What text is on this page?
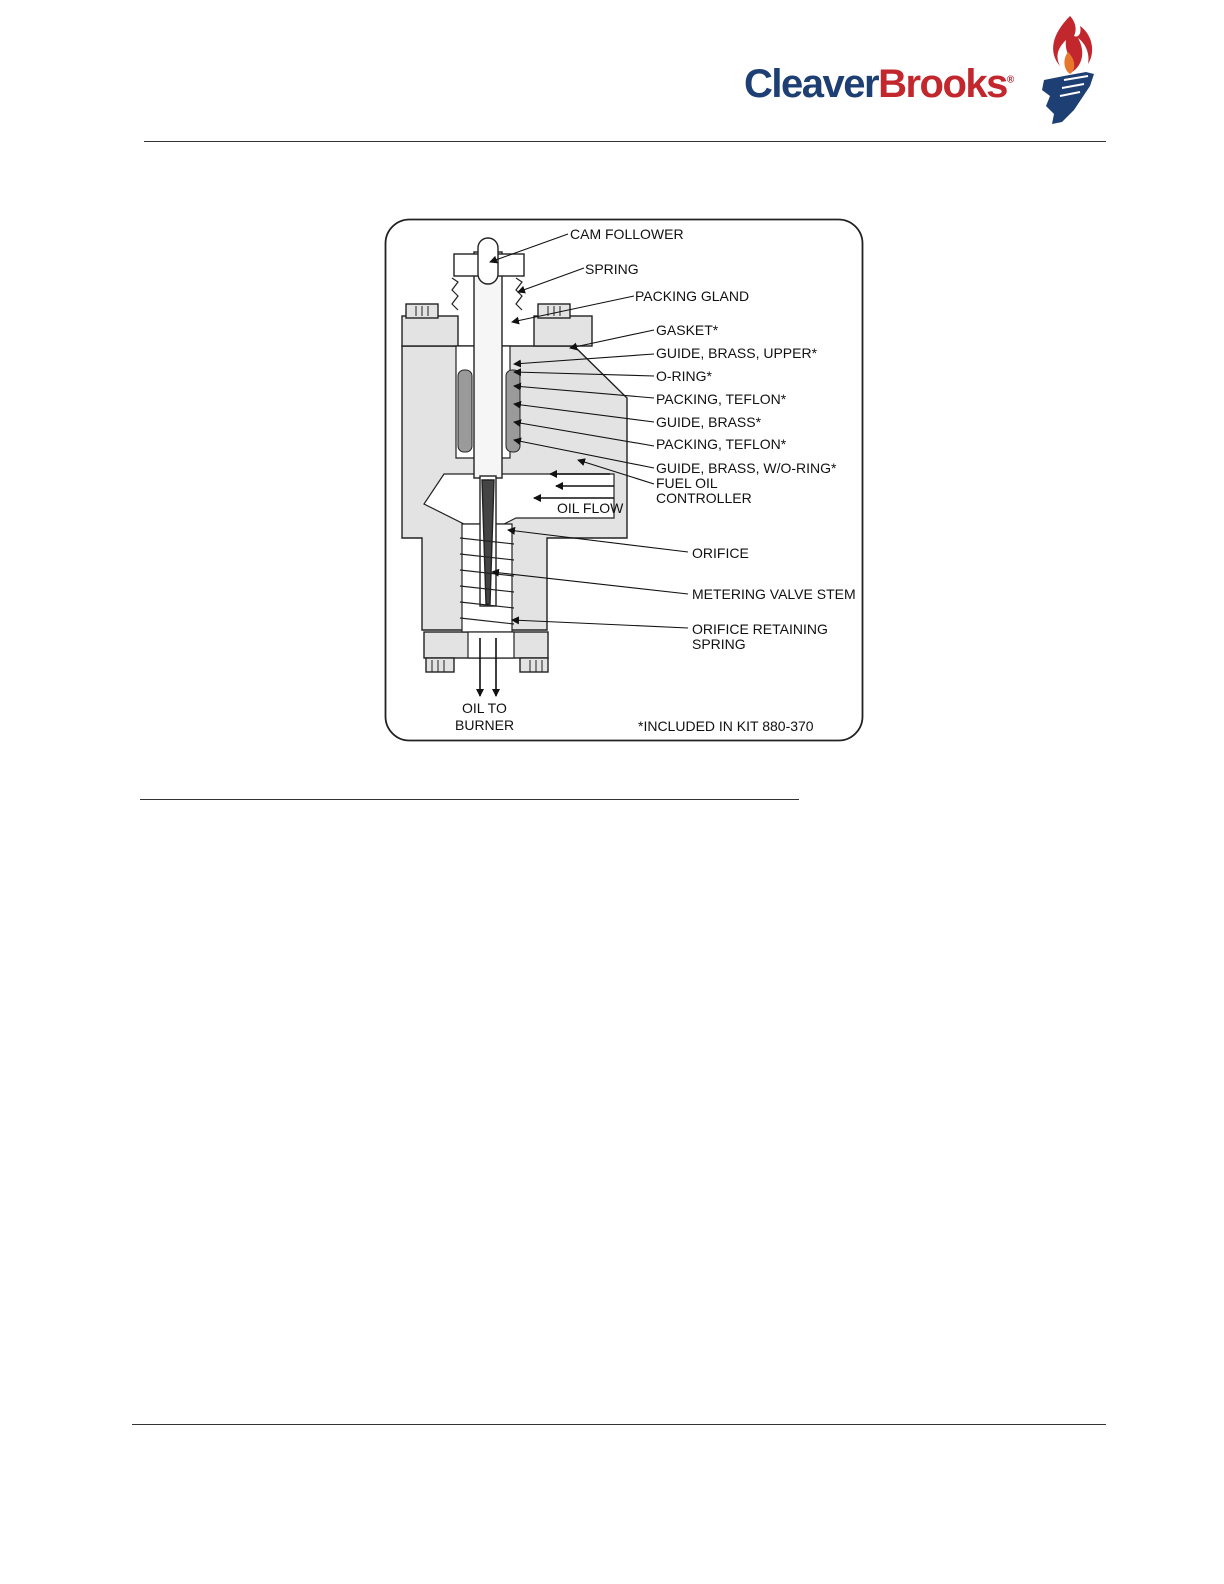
CleaverBrooks®
CAM FOLLOWER
SPRING
PACKING GLAND
GASKET*
GUIDE, BRASS, UPPER*
O-RING*
PACKING, TEFLON*
GUIDE, BRASS*
PACKING, TEFLON*
GUIDE, BRASS, W/O-RING*
FUEL OIL
CONTROLLER
OIL FLOW
ORIFICE
METERING VALVE STEM
ORIFICE RETAINING
SPRING
OIL TO
BURNER	*INCLUDED IN KIT 880-370
